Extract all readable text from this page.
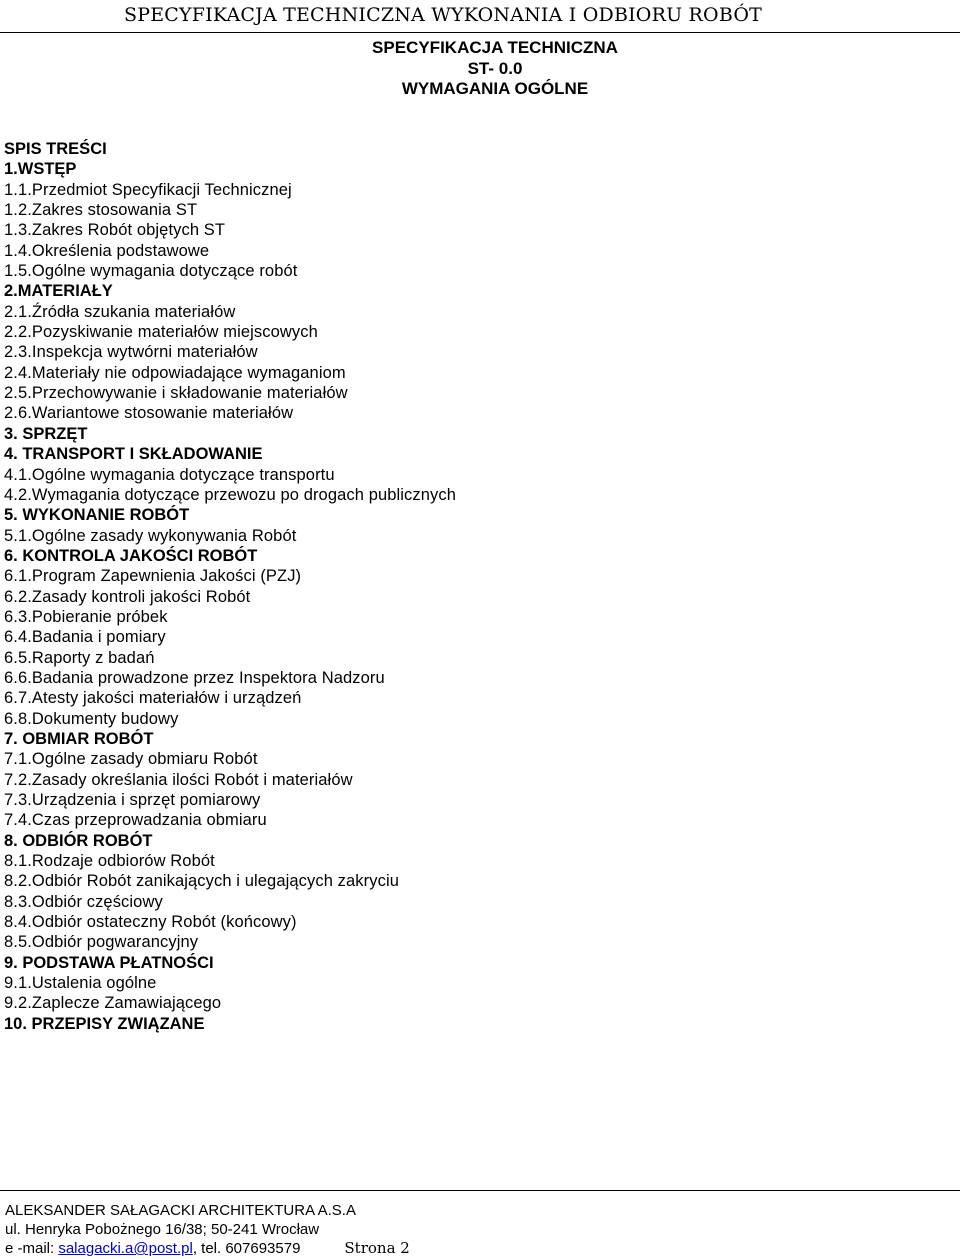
SPECYFIKACJA TECHNICZNA WYKONANIA I ODBIORU ROBÓT
SPECYFIKACJA TECHNICZNA
ST- 0.0
WYMAGANIA OGÓLNE
SPIS TREŚCI
1.WSTĘP
1.1.Przedmiot Specyfikacji Technicznej
1.2.Zakres stosowania ST
1.3.Zakres Robót objętych ST
1.4.Określenia podstawowe
1.5.Ogólne wymagania dotyczące robót
2.MATERIAŁY
2.1.Źródła szukania materiałów
2.2.Pozyskiwanie materiałów miejscowych
2.3.Inspekcja wytwórni materiałów
2.4.Materiały nie odpowiadające wymaganiom
2.5.Przechowywanie i składowanie materiałów
2.6.Wariantowe stosowanie materiałów
3. SPRZĘT
4. TRANSPORT I SKŁADOWANIE
4.1.Ogólne wymagania dotyczące transportu
4.2.Wymagania dotyczące przewozu po drogach publicznych
5. WYKONANIE ROBÓT
5.1.Ogólne zasady wykonywania Robót
6. KONTROLA JAKOŚCI ROBÓT
6.1.Program Zapewnienia Jakości (PZJ)
6.2.Zasady kontroli jakości Robót
6.3.Pobieranie próbek
6.4.Badania i pomiary
6.5.Raporty z badań
6.6.Badania prowadzone przez Inspektora Nadzoru
6.7.Atesty jakości materiałów i urządzeń
6.8.Dokumenty budowy
7. OBMIAR ROBÓT
7.1.Ogólne zasady obmiaru Robót
7.2.Zasady określania ilości Robót i materiałów
7.3.Urządzenia i sprzęt pomiarowy
7.4.Czas przeprowadzania obmiaru
8. ODBIÓR ROBÓT
8.1.Rodzaje odbiorów Robót
8.2.Odbiór Robót zanikających i ulegających zakryciu
8.3.Odbiór częściowy
8.4.Odbiór ostateczny Robót (końcowy)
8.5.Odbiór pogwarancyjny
9. PODSTAWA PŁATNOŚCI
9.1.Ustalenia ogólne
9.2.Zaplecze Zamawiającego
10. PRZEPISY ZWIĄZANE
ALEKSANDER SAŁAGACKI ARCHITEKTURA A.S.A
ul. Henryka Pobożnego 16/38; 50-241 Wrocław
e -mail: salagacki.a@post.pl, tel. 607693579	Strona 2
